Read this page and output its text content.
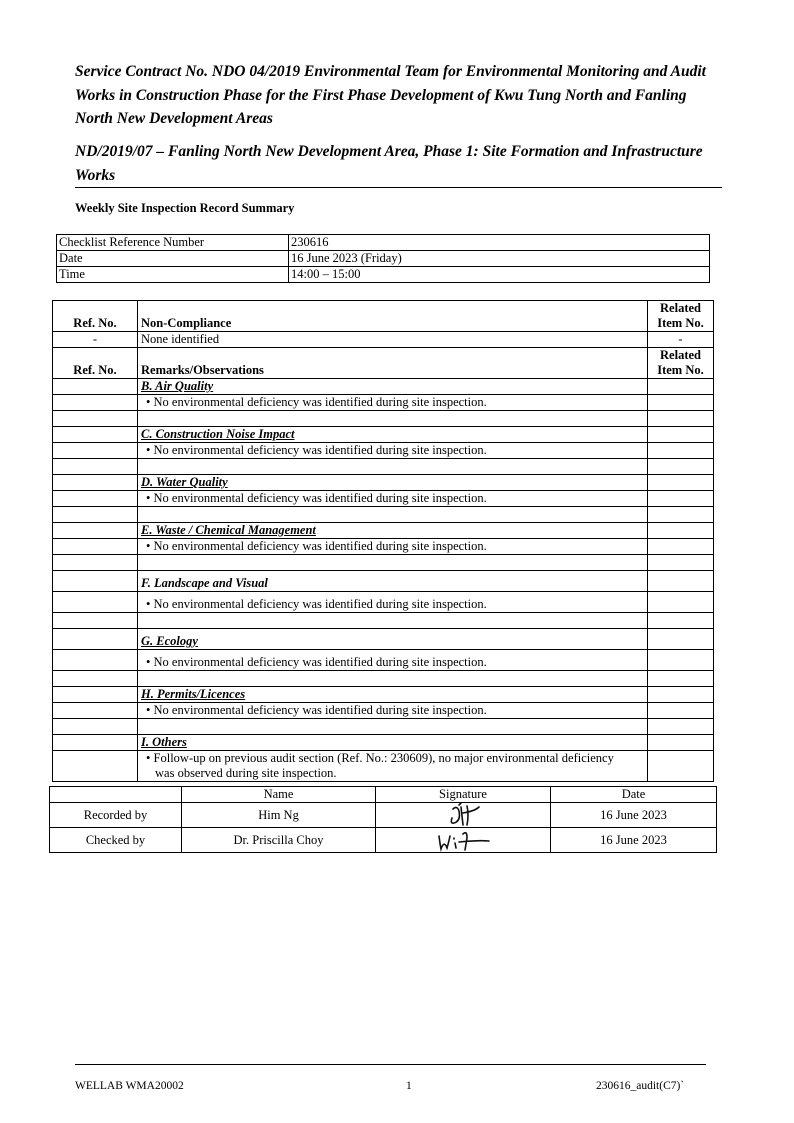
Service Contract No. NDO 04/2019 Environmental Team for Environmental Monitoring and Audit Works in Construction Phase for the First Phase Development of Kwu Tung North and Fanling North New Development Areas
ND/2019/07 – Fanling North New Development Area, Phase 1: Site Formation and Infrastructure Works
Weekly Site Inspection Record Summary
Checklist Reference Number	230616
Date	16 June 2023 (Friday)
Time	14:00 – 15:00
Ref. No.	Non-Compliance	Related
Item No.
-	None identified	-
Ref. No.	Remarks/Observations	Related
Item No.
	B. Air Quality	
	• No environmental deficiency was identified during site inspection.	

	C. Construction Noise Impact	
	• No environmental deficiency was identified during site inspection.	

	D. Water Quality	
	• No environmental deficiency was identified during site inspection.	

	E. Waste / Chemical Management	
	• No environmental deficiency was identified during site inspection.	

	F. Landscape and Visual	
	• No environmental deficiency was identified during site inspection.	

	G. Ecology	
	• No environmental deficiency was identified during site inspection.	

	H. Permits/Licences	
	• No environmental deficiency was identified during site inspection.	

	I. Others	
	• Follow-up on previous audit section (Ref. No.: 230609), no major environmental deficiency
was observed during site inspection.	

	Name	Signature	Date
Recorded by	Him Ng		16 June 2023
Checked by	Dr. Priscilla Choy		16 June 2023
WELLAB WMA20002	1	230616_audit(C7)`
